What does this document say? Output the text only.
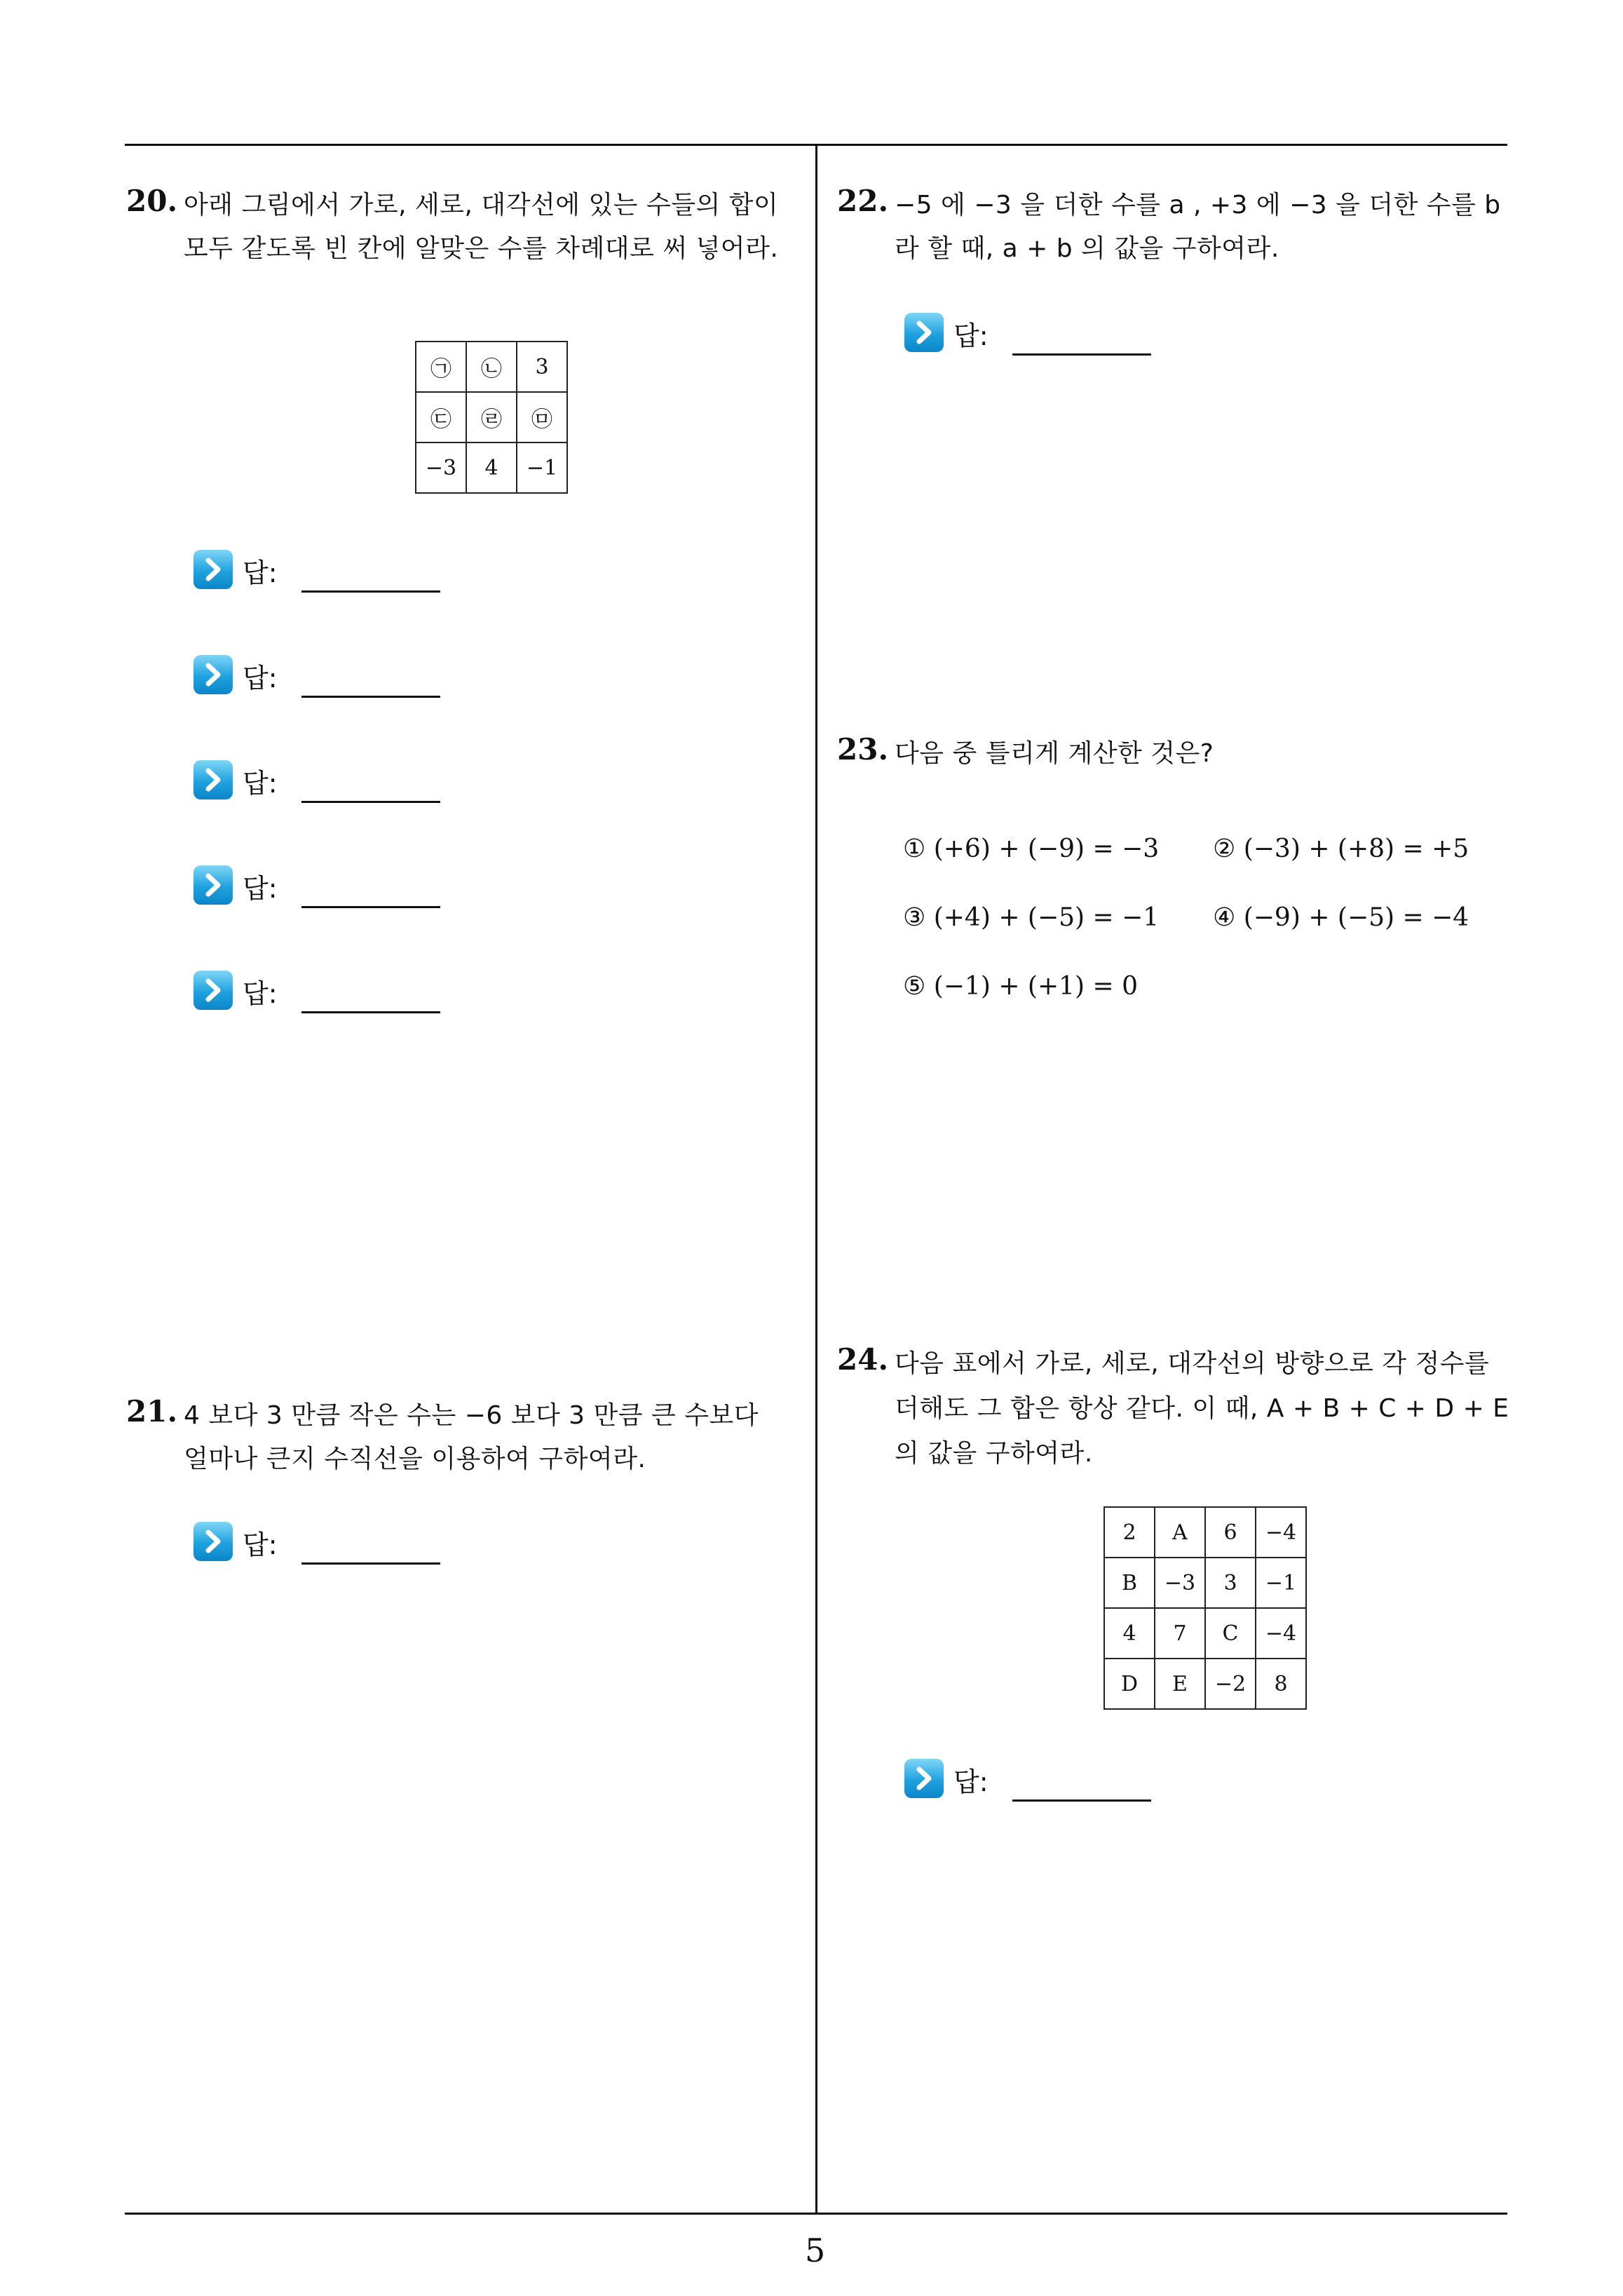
20. 아래 그림에서 가로, 세로, 대각선에 있는 수들의 합이
모두 같도록 빈 칸에 알맞은 수를 차례대로 써 넣어라.
㉠	㉡	3
㉢	㉣	㉤
−3	4	−1
답:
답:
답:
답:
답:
21. 4 보다 3 만큼 작은 수는 −6 보다 3 만큼 큰 수보다
얼마나 큰지 수직선을 이용하여 구하여라.
답:
22. −5 에 −3 을 더한 수를 a , +3 에 −3 을 더한 수를 b
라 할 때, a + b 의 값을 구하여라.
답:
23. 다음 중 틀리게 계산한 것은?
① (+6) + (−9) = −3 ② (−3) + (+8) = +5
③ (+4) + (−5) = −1 ④ (−9) + (−5) = −4
⑤ (−1) + (+1) = 0
24. 다음 표에서 가로, 세로, 대각선의 방향으로 각 정수를
더해도 그 합은 항상 같다. 이 때, A + B + C + D + E
의 값을 구하여라.
2	A	6	−4
B	−3	3	−1
4	7	C	−4
D	E	−2	8
답:
5
